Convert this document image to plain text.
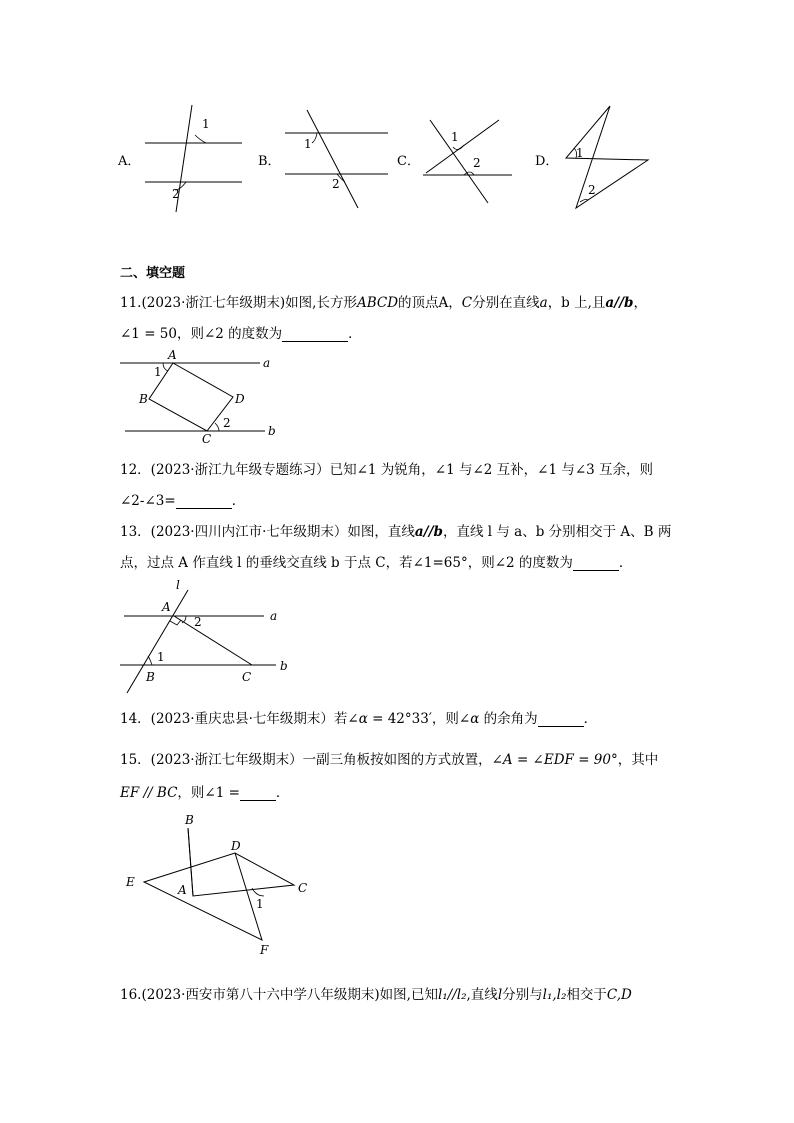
A．
1
2
B．
1
2
C．
1
2	D．
1
2
二、填空题
11.(2023·浙江七年级期末)如图,长方形ABCD的顶点A，C分别在直线a，b 上,且a//b，
∠1 = 50，则∠2 的度数为	．
A
1
B	D
2
C
a
b
12．(2023·浙江九年级专题练习）已知∠1 为锐角，∠1 与∠2 互补，∠1 与∠3 互余，则
∠2-∠3=	．
13．(2023·四川内江市·七年级期末）如图，直线a//b，直线 l 与 a、b 分别相交于 A、B 两
点，过点 A 作直线 l 的垂线交直线 b 于点 C，若∠1=65°，则∠2 的度数为	．
l
A
2	a
1
b
B	C
14．(2023·重庆忠县·七年级期末）若∠α = 42°33′，则∠α 的余角为	．
15．(2023·浙江七年级期末）一副三角板按如图的方式放置，∠A = ∠EDF = 90°，其中
EF // BC，则∠1 =	．
B
D
E
A	C
1
F
16.(2023·西安市第八十六中学八年级期末)如图,已知l₁//l₂,直线l分别与l₁,l₂相交于C,D
